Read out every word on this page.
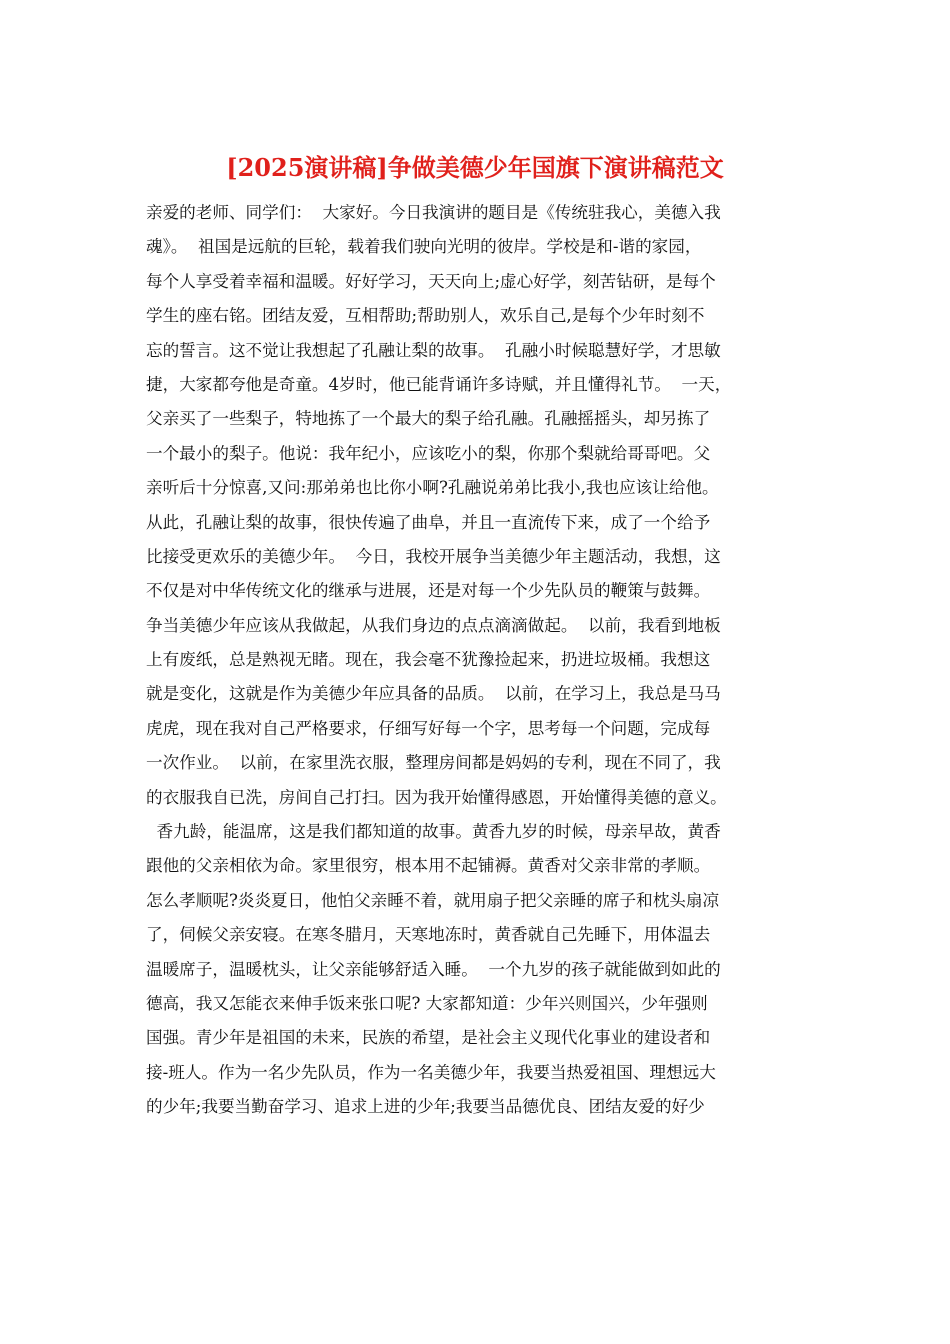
[2025演讲稿]争做美德少年国旗下演讲稿范文
亲爱的老师、同学们：  大家好。今日我演讲的题目是《传统驻我心，美德入我
魂》。  祖国是远航的巨轮，载着我们驶向光明的彼岸。学校是和-谐的家园，
每个人享受着幸福和温暖。好好学习，天天向上;虚心好学，刻苦钻研，是每个
学生的座右铭。团结友爱，互相帮助;帮助别人，欢乐自己,是每个少年时刻不
忘的誓言。这不觉让我想起了孔融让梨的故事。  孔融小时候聪慧好学，才思敏
捷，大家都夸他是奇童。4岁时，他已能背诵许多诗赋，并且懂得礼节。  一天，
父亲买了一些梨子，特地拣了一个最大的梨子给孔融。孔融摇摇头，却另拣了
一个最小的梨子。他说：我年纪小，应该吃小的梨，你那个梨就给哥哥吧。父
亲听后十分惊喜,又问:那弟弟也比你小啊?孔融说弟弟比我小,我也应该让给他。
从此，孔融让梨的故事，很快传遍了曲阜，并且一直流传下来，成了一个给予
比接受更欢乐的美德少年。  今日，我校开展争当美德少年主题活动，我想，这
不仅是对中华传统文化的继承与进展，还是对每一个少先队员的鞭策与鼓舞。
争当美德少年应该从我做起，从我们身边的点点滴滴做起。  以前，我看到地板
上有废纸，总是熟视无睹。现在，我会毫不犹豫捡起来，扔进垃圾桶。我想这
就是变化，这就是作为美德少年应具备的品质。  以前，在学习上，我总是马马
虎虎，现在我对自己严格要求，仔细写好每一个字，思考每一个问题，完成每
一次作业。  以前，在家里洗衣服，整理房间都是妈妈的专利，现在不同了，我
的衣服我自已洗，房间自己打扫。因为我开始懂得感恩，开始懂得美德的意义。
香九龄，能温席，这是我们都知道的故事。黄香九岁的时候，母亲早故，黄香
跟他的父亲相依为命。家里很穷，根本用不起铺褥。黄香对父亲非常的孝顺。
怎么孝顺呢?炎炎夏日，他怕父亲睡不着，就用扇子把父亲睡的席子和枕头扇凉
了，伺候父亲安寝。在寒冬腊月，天寒地冻时，黄香就自己先睡下，用体温去
温暖席子，温暖枕头，让父亲能够舒适入睡。  一个九岁的孩子就能做到如此的
德高，我又怎能衣来伸手饭来张口呢? 大家都知道：少年兴则国兴，少年强则
国强。青少年是祖国的未来，民族的希望，是社会主义现代化事业的建设者和
接-班人。作为一名少先队员，作为一名美德少年，我要当热爱祖国、理想远大
的少年;我要当勤奋学习、追求上进的少年;我要当品德优良、团结友爱的好少
